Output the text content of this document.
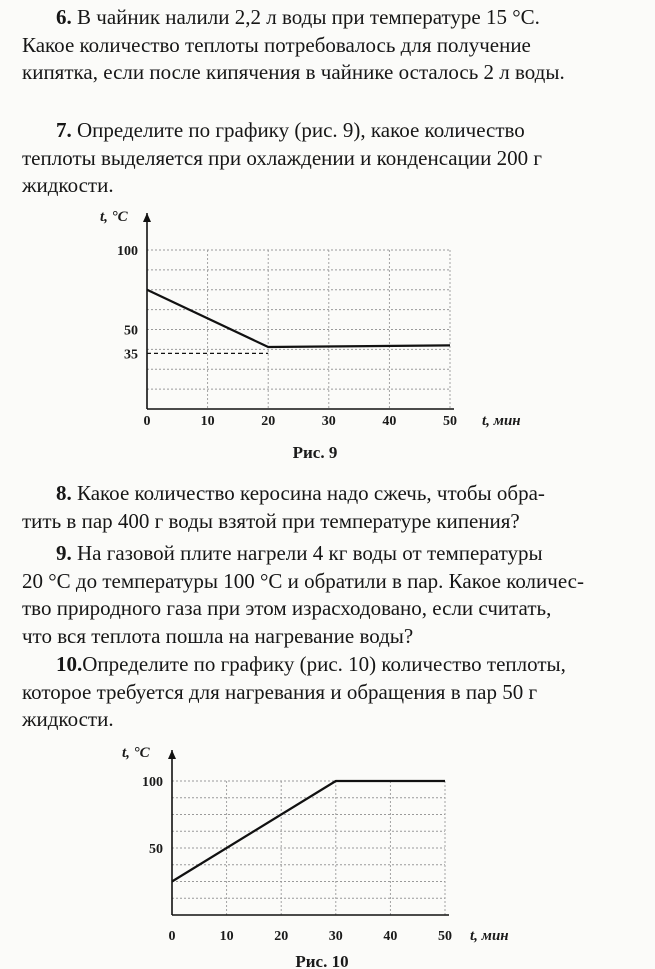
6. В чайник налили 2,2 л воды при температуре 15 °С.
Какое количество теплоты потребовалось для получение
кипятка, если после кипячения в чайнике осталось 2 л воды.
7. Определите по графику (рис. 9), какое количество
теплоты выделяется при охлаждении и конденсации 200 г
жидкости.
8. Какое количество керосина надо сжечь, чтобы обра-
тить в пар 400 г воды взятой при температуре кипения?
9. На газовой плите нагрели 4 кг воды от температуры
20 °С до температуры 100 °С и обратили в пар. Какое количес-
тво природного газа при этом израсходовано, если считать,
что вся теплота пошла на нагревание воды?
10.Определите по графику (рис. 10) количество теплоты,
которое требуется для нагревания и обращения в пар 50 г
жидкости.
0	10	20	30	40	50
35
50
100
t, мин
t, °С
Рис. 9
0	10	20	30	40	50
50
100
t, мин
t, °С
Рис. 10
